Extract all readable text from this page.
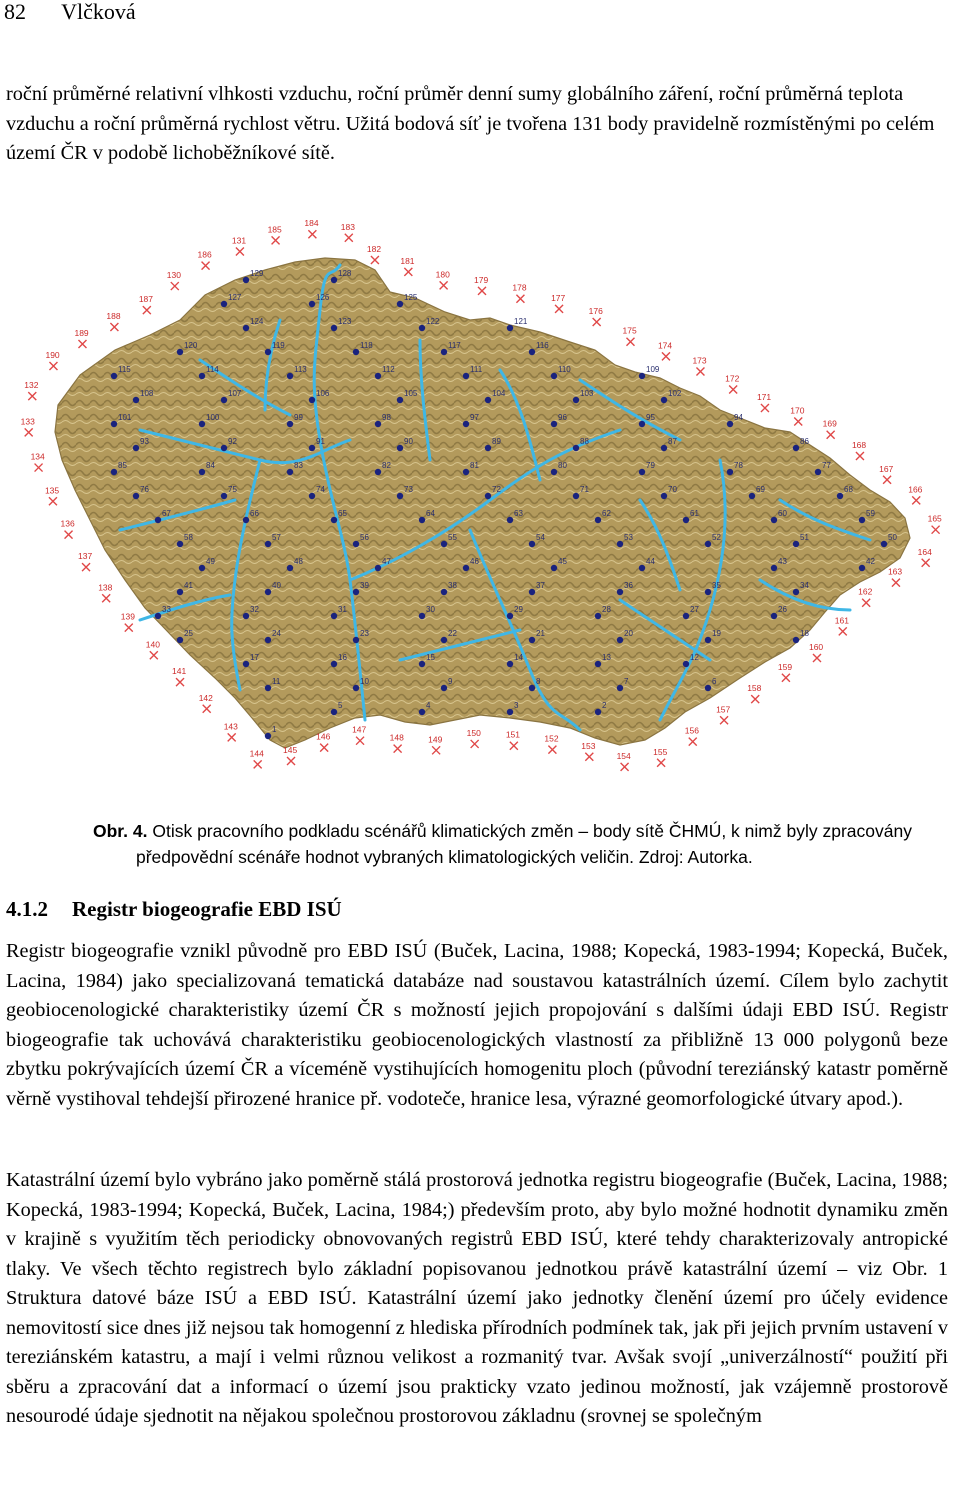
82 Vlčková

roční průměrné relativní vlhkosti vzduchu, roční průměr denní sumy globálního záření, roční průměrná teplota vzduchu a roční průměrná rychlost větru. Užitá bodová síť je tvořena 131 body pravidelně rozmístěnými po celém území ČR v podobě lichoběžníkové sítě.

129	128
127	126	125
124	123	122	121
120	119	118	117	116
115	114	113	112	111	110	109
108	107	106	105	104	103	102
101	100	99	98	97	96	95	94
93	92	91	90	89	88	87	86
85	84	83	82	81	80	79	78	77
76	75	74	73	72	71	70	69	68
67	66	65	64	63	62	61	60	59
58	57	56	55	54	53	52	51	50
49	48	47	46	45	44	43	42
41	40	39	38	37	36	35	34
33	32	31	30	29	28	27	26
25	24	23	22	21	20	19	18
17	16	15	14	13	12
11	10	9	8	7	6
5	4	3	2
1
190
189
188
187
130
186
131
185
184	183
182
181
180
179
178
177
176
175
174
173
172
171
170
169
168
167
166
165
164
163
162
161
160
159
158
157
156
155
154
153
152
151
150
149
148
147
146
145
144
143
142
141
140
139
138
137
136
135
134
133
132

Obr. 4. Otisk pracovního podkladu scénářů klimatických změn – body sítě ČHMÚ, k nimž byly zpracovány
předpovědní scénáře hodnot vybraných klimatologických veličin. Zdroj: Autorka.

4.1.2 Registr biogeografie EBD ISÚ

Registr biogeografie vznikl původně pro EBD ISÚ (Buček, Lacina, 1988; Kopecká, 1983-1994; Kopecká, Buček, Lacina, 1984) jako specializovaná tematická databáze nad soustavou katastrálních území. Cílem bylo zachytit geobiocenologické charakteristiky území ČR s možností jejich propojování s dalšími údaji EBD ISÚ. Registr biogeografie tak uchovává charakteristiku geobiocenologických vlastností za přibližně 13 000 polygonů beze zbytku pokrývajících území ČR a víceméně vystihujících homogenitu ploch (původní tereziánský katastr poměrně věrně vystihoval tehdejší přirozené hranice př. vodoteče, hranice lesa, výrazné geomorfologické útvary apod.).

Katastrální území bylo vybráno jako poměrně stálá prostorová jednotka registru biogeografie (Buček, Lacina, 1988; Kopecká, 1983-1994; Kopecká, Buček, Lacina, 1984;) především proto, aby bylo možné hodnotit dynamiku změn v krajině s využitím těch periodicky obnovovaných registrů EBD ISÚ, které tehdy charakterizovaly antropické tlaky. Ve všech těchto registrech bylo základní popisovanou jednotkou právě katastrální území – viz Obr. 1 Struktura datové báze ISÚ a EBD ISÚ. Katastrální území jako jednotky členění území pro účely evidence nemovitostí sice dnes již nejsou tak homogenní z hlediska přírodních podmínek tak, jak při jejich prvním ustavení v tereziánském katastru, a mají i velmi různou velikost a rozmanitý tvar. Avšak svojí „univerzálností“ použití při sběru a zpracování dat a informací o území jsou prakticky vzato jedinou možností, jak vzájemně prostorově nesourodé údaje sjednotit na nějakou společnou prostorovou základnu (srovnej se společným
